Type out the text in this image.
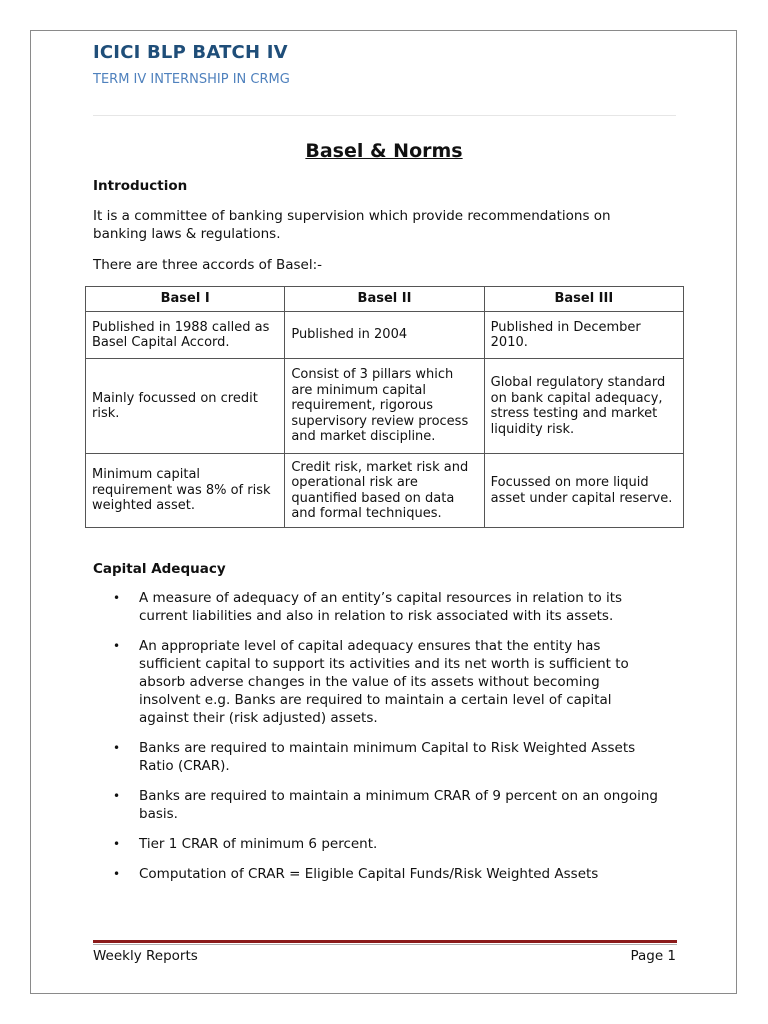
ICICI BLP BATCH IV
TERM IV INTERNSHIP IN CRMG
Basel & Norms
Introduction
It is a committee of banking supervision which provide recommendations on banking laws & regulations.
There are three accords of Basel:-
Basel I	Basel II	Basel III
Published in 1988 called as Basel Capital Accord.	Published in 2004	Published in December 2010.
Mainly focussed on credit risk.	Consist of 3 pillars which are minimum capital requirement, rigorous supervisory review process and market discipline.	Global regulatory standard on bank capital adequacy, stress testing and market liquidity risk.
Minimum capital requirement was 8% of risk weighted asset.	Credit risk, market risk and operational risk are quantified based on data and formal techniques.	Focussed on more liquid asset under capital reserve.
Capital Adequacy
• A measure of adequacy of an entity’s capital resources in relation to its current liabilities and also in relation to risk associated with its assets.
• An appropriate level of capital adequacy ensures that the entity has sufficient capital to support its activities and its net worth is sufficient to absorb adverse changes in the value of its assets without becoming insolvent e.g. Banks are required to maintain a certain level of capital against their (risk adjusted) assets.
• Banks are required to maintain minimum Capital to Risk Weighted Assets Ratio (CRAR).
• Banks are required to maintain a minimum CRAR of 9 percent on an ongoing basis.
• Tier 1 CRAR of minimum 6 percent.
• Computation of CRAR = Eligible Capital Funds/Risk Weighted Assets
Weekly Reports	Page 1
